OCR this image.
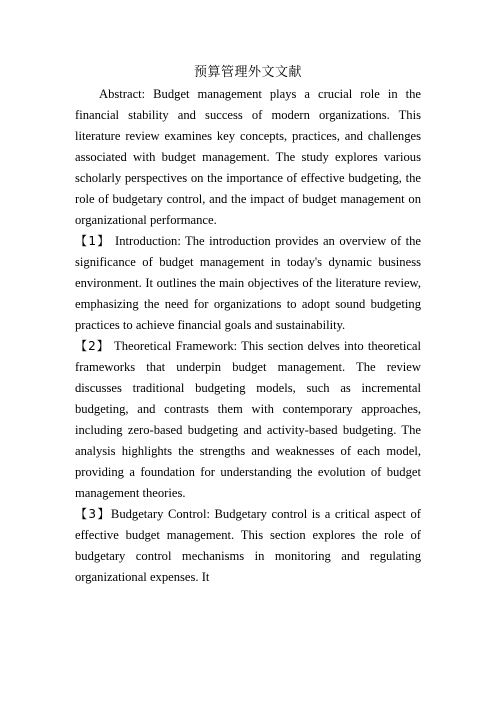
预算管理外文文献

Abstract: Budget management plays a crucial role in the financial stability and success of modern organizations. This literature review examines key concepts, practices, and challenges associated with budget management. The study explores various scholarly perspectives on the importance of effective budgeting, the role of budgetary control, and the impact of budget management on organizational performance.

【1】 Introduction: The introduction provides an overview of the significance of budget management in today's dynamic business environment. It outlines the main objectives of the literature review, emphasizing the need for organizations to adopt sound budgeting practices to achieve financial goals and sustainability.

【2】 Theoretical Framework: This section delves into theoretical frameworks that underpin budget management. The review discusses traditional budgeting models, such as incremental budgeting, and contrasts them with contemporary approaches, including zero-based budgeting and activity-based budgeting. The analysis highlights the strengths and weaknesses of each model, providing a foundation for understanding the evolution of budget management theories.

【3】Budgetary Control: Budgetary control is a critical aspect of effective budget management. This section explores the role of budgetary control mechanisms in monitoring and regulating organizational expenses. It
